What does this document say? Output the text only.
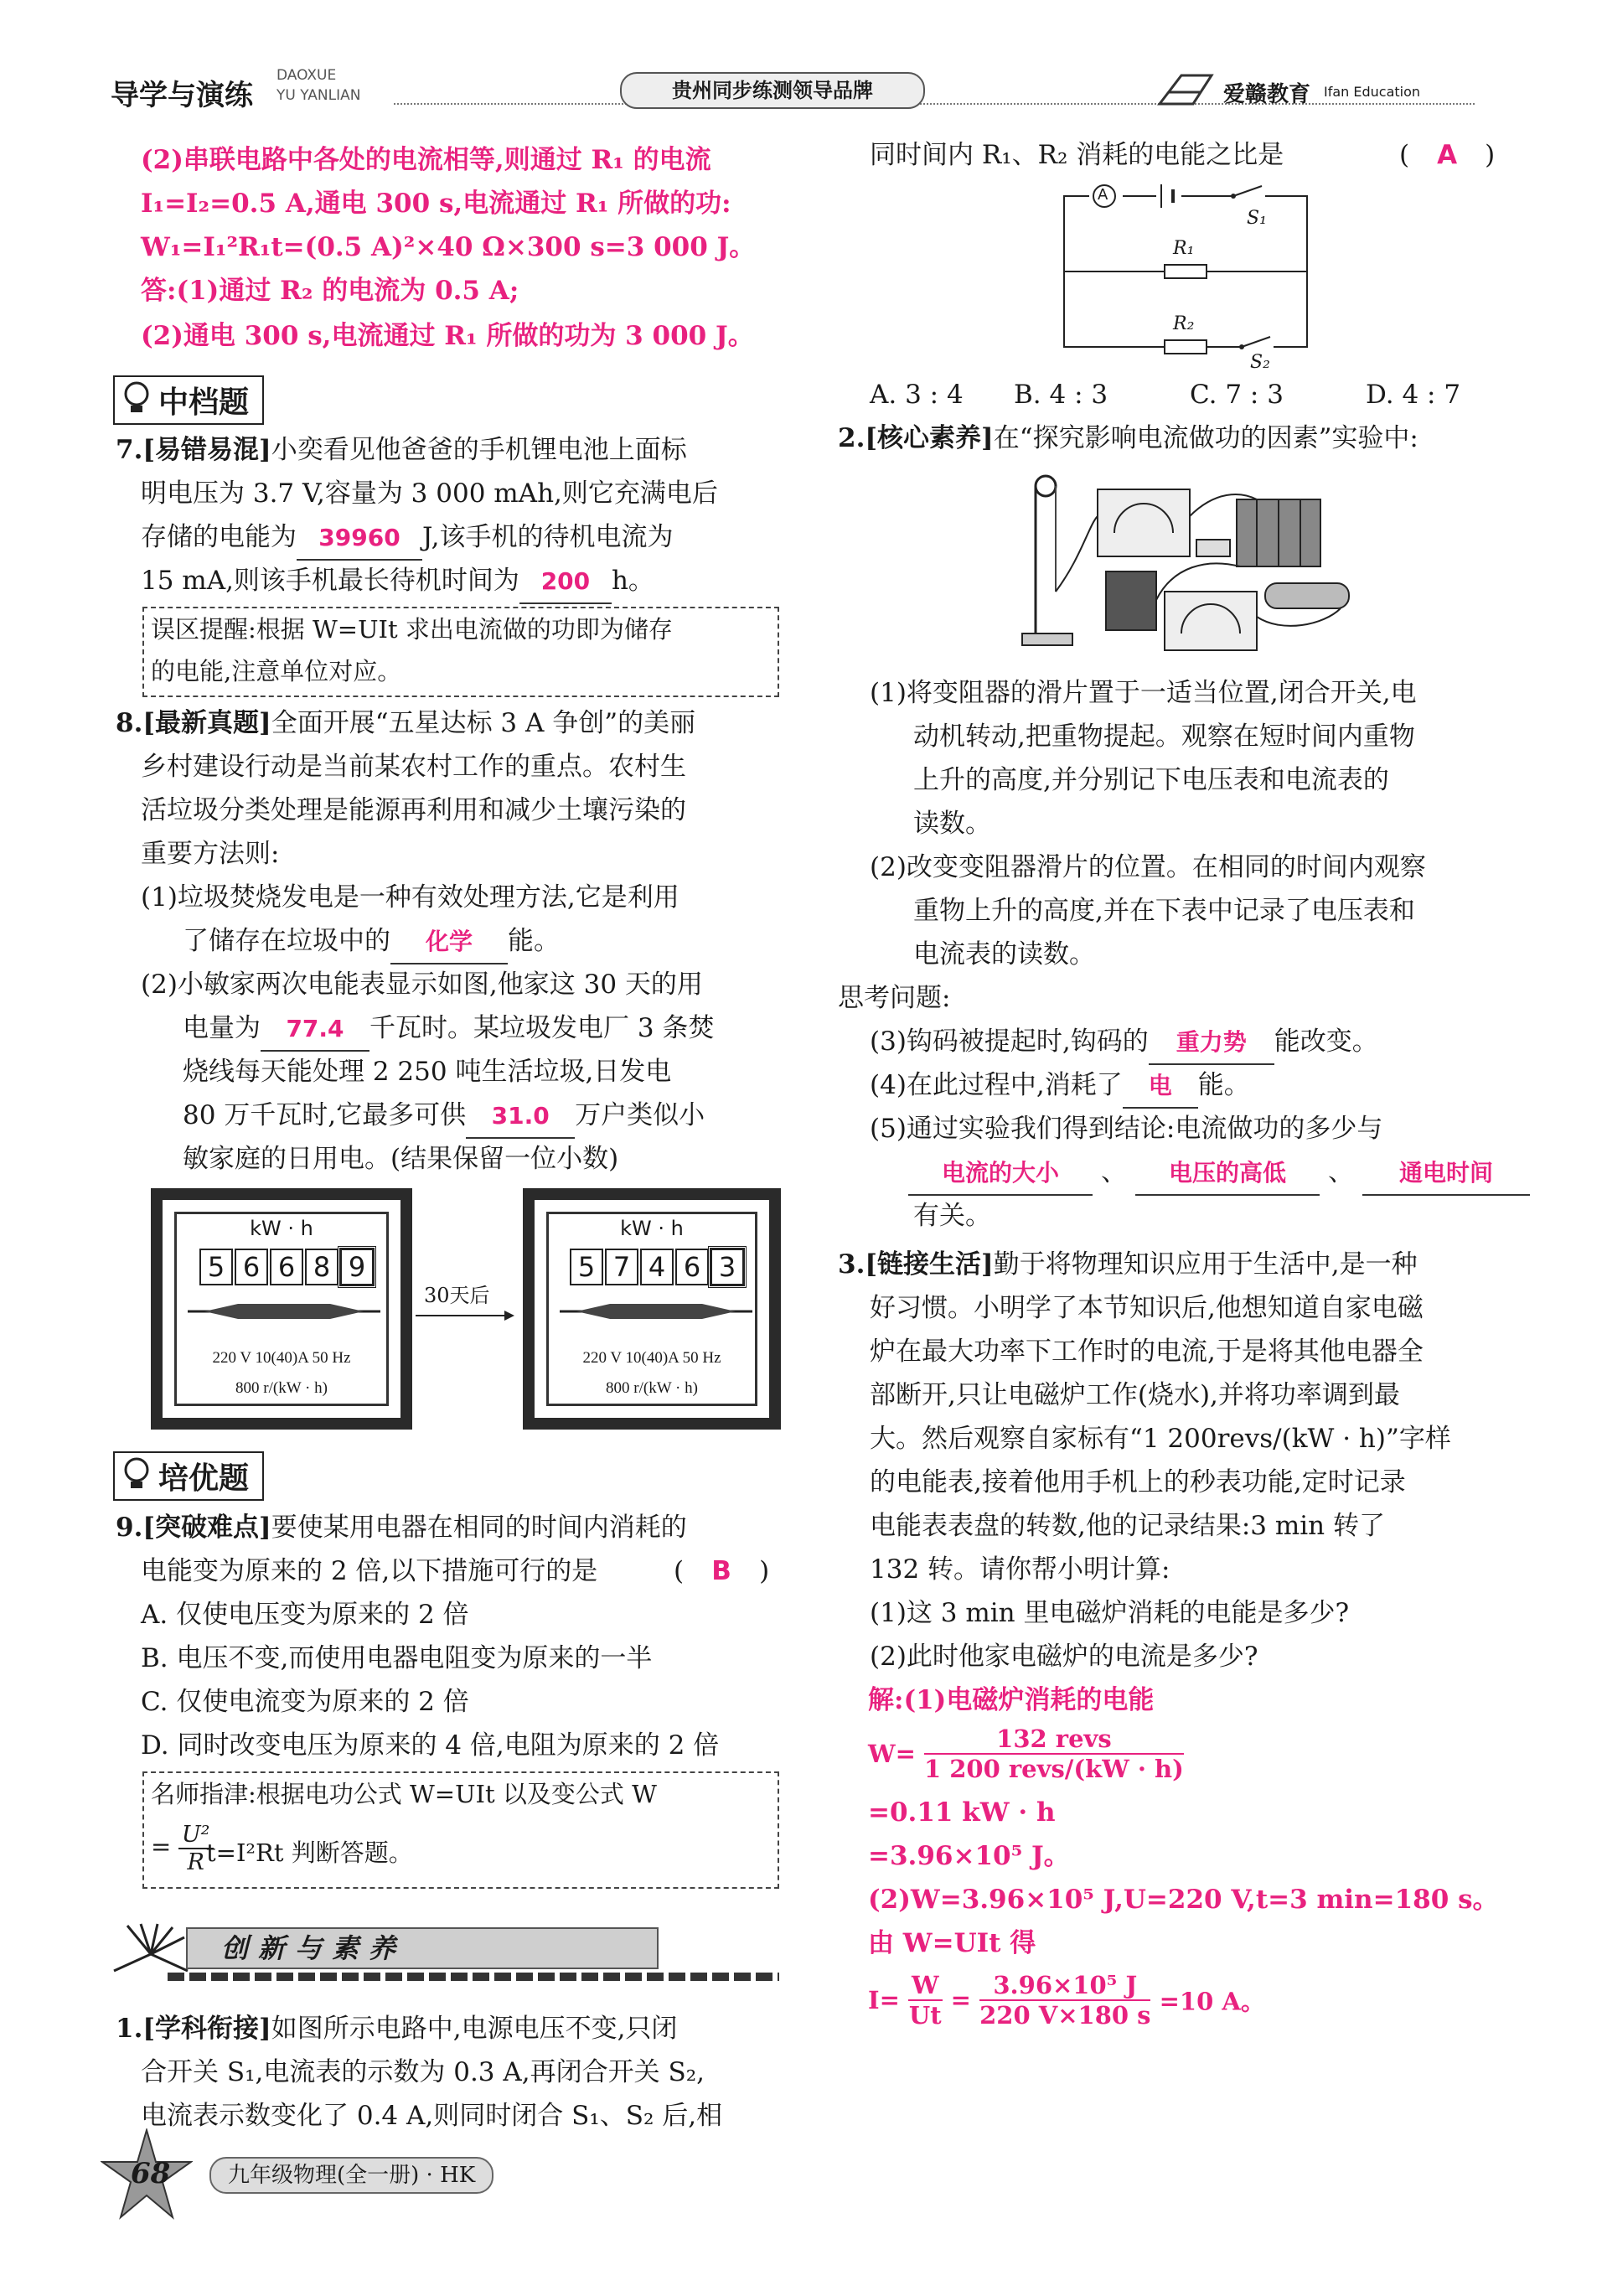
导学与演练
DAOXUE
YU YANLIAN	贵州同步练测领导品牌	爱赣教育 Ifan Education
(2)串联电路中各处的电流相等,则通过 R₁ 的电流
I₁=I₂=0.5 A,通电 300 s,电流通过 R₁ 所做的功:
W₁=I₁²R₁t=(0.5 A)²×40 Ω×300 s=3 000 J。
答:(1)通过 R₂ 的电流为 0.5 A;
(2)通电 300 s,电流通过 R₁ 所做的功为 3 000 J。
中档题
7.[易错易混]小奕看见他爸爸的手机锂电池上面标
明电压为 3.7 V,容量为 3 000 mAh,则它充满电后
存储的电能为 39960 J,该手机的待机电流为
15 mA,则该手机最长待机时间为 200 h。
误区提醒:根据 W=UIt 求出电流做的功即为储存
的电能,注意单位对应。
8.[最新真题]全面开展“五星达标 3 A 争创”的美丽
乡村建设行动是当前某农村工作的重点。农村生
活垃圾分类处理是能源再利用和减少土壤污染的
重要方法则:
(1)垃圾焚烧发电是一种有效处理方法,它是利用
了储存在垃圾中的 化学 能。
(2)小敏家两次电能表显示如图,他家这 30 天的用
电量为 77.4 千瓦时。某垃圾发电厂 3 条焚
烧线每天能处理 2 250 吨生活垃圾,日发电
80 万千瓦时,它最多可供 31.0 万户类似小
敏家庭的日用电。(结果保留一位小数)
kW · h
5 6 6 8 9
220 V 10(40)A 50 Hz
800 r/(kW · h)
30天后
kW · h
5 7 4 6 3
220 V 10(40)A 50 Hz
800 r/(kW · h)
培优题
9.[突破难点]要使某用电器在相同的时间内消耗的
电能变为原来的 2 倍,以下措施可行的是	( B )
A. 仅使电压变为原来的 2 倍
B. 电压不变,而使用电器电阻变为原来的一半
C. 仅使电流变为原来的 2 倍
D. 同时改变电压为原来的 4 倍,电阻为原来的 2 倍
名师指津:根据电功公式 W=UIt 以及变公式 W
= $\frac{\text{U²}}{R}$
t=I²Rt 判断答题。
创新与素养
1.[学科衔接]如图所示电路中,电源电压不变,只闭
合开关 S₁,电流表的示数为 0.3 A,再闭合开关 S₂,
电流表示数变化了 0.4 A,则同时闭合 S₁、S₂ 后,相
68	九年级物理(全一册) · HK
同时间内 R₁、R₂ 消耗的电能之比是	( A )
A
S₁
R₁
R₂
S₂
A. 3 : 4 B. 4 : 3	C. 7 : 3	D. 4 : 7
2.[核心素养]在“探究影响电流做功的因素”实验中:
(1)将变阻器的滑片置于一适当位置,闭合开关,电
动机转动,把重物提起。观察在短时间内重物
上升的高度,并分别记下电压表和电流表的
读数。
(2)改变变阻器滑片的位置。在相同的时间内观察
重物上升的高度,并在下表中记录了电压表和
电流表的读数。
思考问题:
(3)钩码被提起时,钩码的 重力势 能改变。
(4)在此过程中,消耗了 电 能。
(5)通过实验我们得到结论:电流做功的多少与
电流的大小 、 电压的高低 、 通电时间
有关。
3.[链接生活]勤于将物理知识应用于生活中,是一种
好习惯。小明学了本节知识后,他想知道自家电磁
炉在最大功率下工作时的电流,于是将其他电器全
部断开,只让电磁炉工作(烧水),并将功率调到最
大。然后观察自家标有“1 200revs/(kW · h)”字样
的电能表,接着他用手机上的秒表功能,定时记录
电能表表盘的转数,他的记录结果:3 min 转了
132 转。请你帮小明计算:
(1)这 3 min 里电磁炉消耗的电能是多少?
(2)此时他家电磁炉的电流是多少?
解:(1)电磁炉消耗的电能
W=
132 revs
1 200 revs/(kW · h)
=0.11 kW · h
=3.96×10⁵ J。
(2)W=3.96×10⁵ J,U=220 V,t=3 min=180 s。
由 W=UIt 得
$I= \frac{W}{Ut} = \frac{\text{3.96×10⁵ J}}{220 V\times 180 s} =10$ A。
